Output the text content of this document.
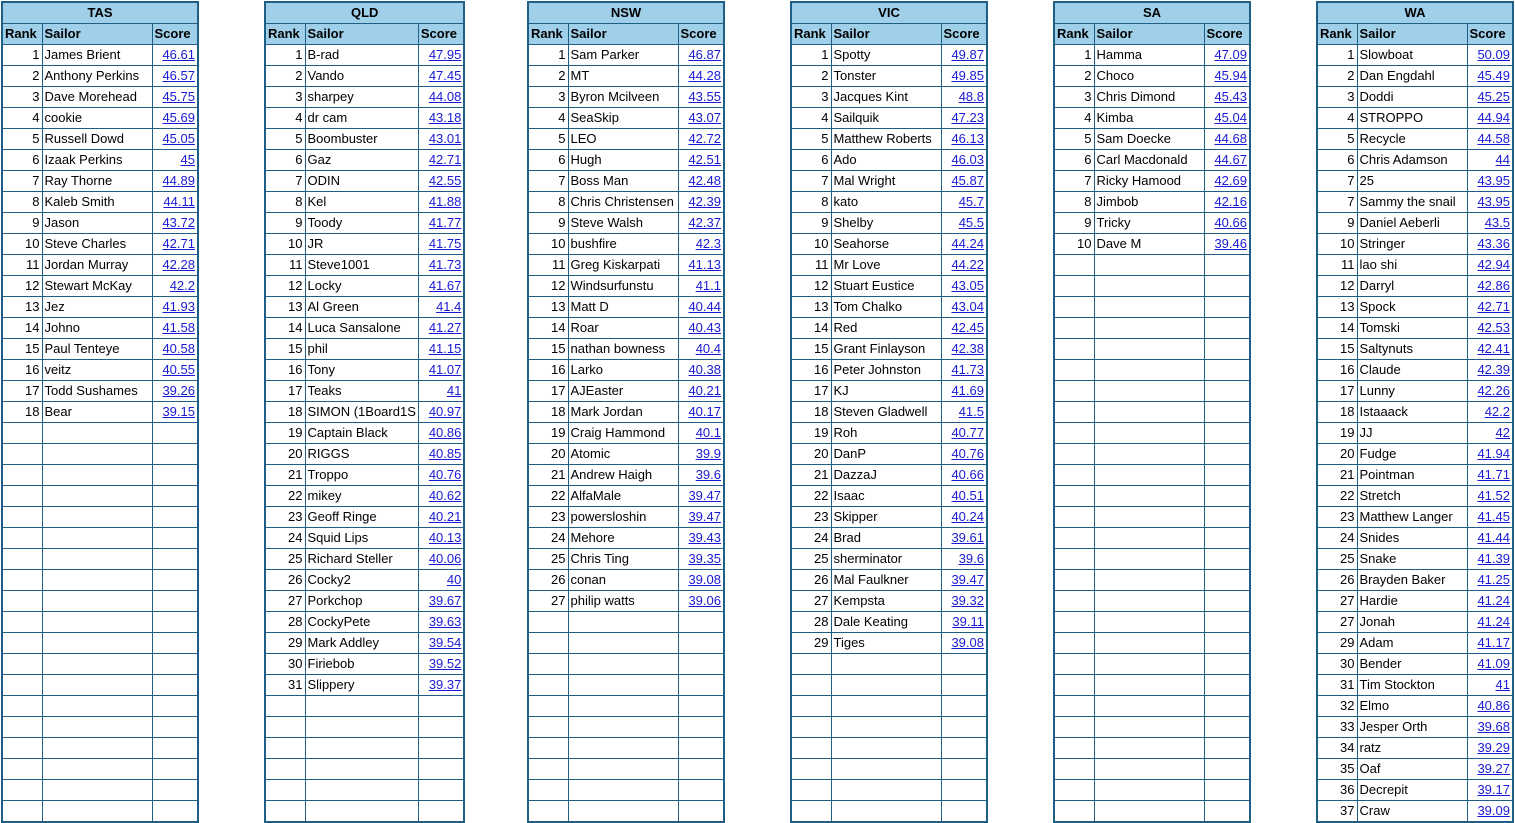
TAS		
Rank	Sailor	Score
1	James Brient	46.61
2	Anthony Perkins	46.57
3	Dave Morehead	45.75
4	cookie	45.69
5	Russell Dowd	45.05
6	Izaak Perkins	45
7	Ray Thorne	44.89
8	Kaleb Smith	44.11
9	Jason	43.72
10	Steve Charles	42.71
11	Jordan Murray	42.28
12	Stewart McKay	42.2
13	Jez	41.93
14	Johno	41.58
15	Paul Tenteye	40.58
16	veitz	40.55
17	Todd Sushames	39.26
18	Bear	39.15

QLD		
Rank	Sailor	Score
1	B-rad	47.95
2	Vando	47.45
3	sharpey	44.08
4	dr cam	43.18
5	Boombuster	43.01
6	Gaz	42.71
7	ODIN	42.55
8	Kel	41.88
9	Toody	41.77
10	JR	41.75
11	Steve1001	41.73
12	Locky	41.67
13	Al Green	41.4
14	Luca Sansalone	41.27
15	phil	41.15
16	Tony	41.07
17	Teaks	41
18	SIMON (1Board1S	40.97
19	Captain Black	40.86
20	RIGGS	40.85
21	Troppo	40.76
22	mikey	40.62
23	Geoff Ringe	40.21
24	Squid Lips	40.13
25	Richard Steller	40.06
26	Cocky2	40
27	Porkchop	39.67
28	CockyPete	39.63
29	Mark Addley	39.54
30	Firiebob	39.52
31	Slippery	39.37

NSW		
Rank	Sailor	Score
1	Sam Parker	46.87
2	MT	44.28
3	Byron Mcilveen	43.55
4	SeaSkip	43.07
5	LEO	42.72
6	Hugh	42.51
7	Boss Man	42.48
8	Chris Christensen	42.39
9	Steve Walsh	42.37
10	bushfire	42.3
11	Greg Kiskarpati	41.13
12	Windsurfunstu	41.1
13	Matt D	40.44
14	Roar	40.43
15	nathan bowness	40.4
16	Larko	40.38
17	AJEaster	40.21
18	Mark Jordan	40.17
19	Craig Hammond	40.1
20	Atomic	39.9
21	Andrew Haigh	39.6
22	AlfaMale	39.47
23	powersloshin	39.47
24	Mehore	39.43
25	Chris Ting	39.35
26	conan	39.08
27	philip watts	39.06

VIC		
Rank	Sailor	Score
1	Spotty	49.87
2	Tonster	49.85
3	Jacques Kint	48.8
4	Sailquik	47.23
5	Matthew Roberts	46.13
6	Ado	46.03
7	Mal Wright	45.87
8	kato	45.7
9	Shelby	45.5
10	Seahorse	44.24
11	Mr Love	44.22
12	Stuart Eustice	43.05
13	Tom Chalko	43.04
14	Red	42.45
15	Grant Finlayson	42.38
16	Peter Johnston	41.73
17	KJ	41.69
18	Steven Gladwell	41.5
19	Roh	40.77
20	DanP	40.76
21	DazzaJ	40.66
22	Isaac	40.51
23	Skipper	40.24
24	Brad	39.61
25	sherminator	39.6
26	Mal Faulkner	39.47
27	Kempsta	39.32
28	Dale Keating	39.11
29	Tiges	39.08

SA		
Rank	Sailor	Score
1	Hamma	47.09
2	Choco	45.94
3	Chris Dimond	45.43
4	Kimba	45.04
5	Sam Doecke	44.68
6	Carl Macdonald	44.67
7	Ricky Hamood	42.69
8	Jimbob	42.16
9	Tricky	40.66
10	Dave M	39.46

WA		
Rank	Sailor	Score
1	Slowboat	50.09
2	Dan Engdahl	45.49
3	Doddi	45.25
4	STROPPO	44.94
5	Recycle	44.58
6	Chris Adamson	44
7	25	43.95
7	Sammy the snail	43.95
9	Daniel Aeberli	43.5
10	Stringer	43.36
11	lao shi	42.94
12	Darryl	42.86
13	Spock	42.71
14	Tomski	42.53
15	Saltynuts	42.41
16	Claude	42.39
17	Lunny	42.26
18	Istaaack	42.2
19	JJ	42
20	Fudge	41.94
21	Pointman	41.71
22	Stretch	41.52
23	Matthew Langer	41.45
24	Snides	41.44
25	Snake	41.39
26	Brayden Baker	41.25
27	Hardie	41.24
27	Jonah	41.24
29	Adam	41.17
30	Bender	41.09
31	Tim Stockton	41
32	Elmo	40.86
33	Jesper Orth	39.68
34	ratz	39.29
35	Oaf	39.27
36	Decrepit	39.17
37	Craw	39.09
